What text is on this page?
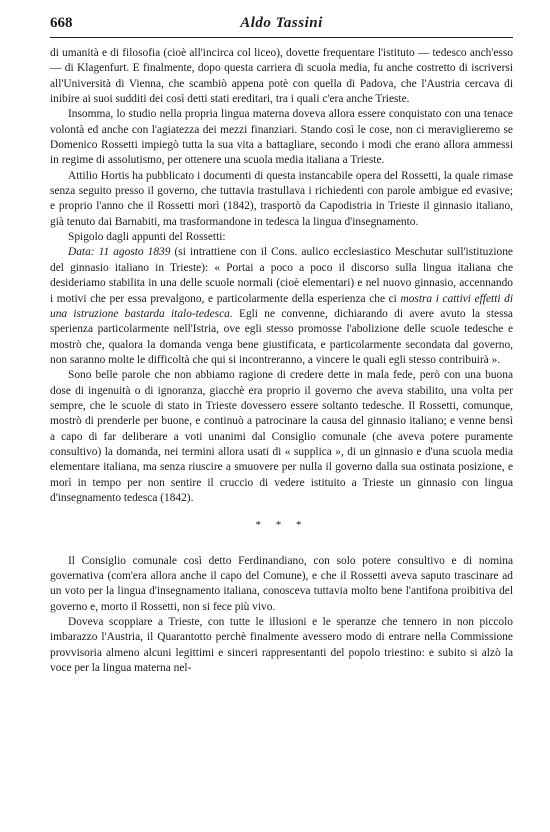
668	Aldo Tassini

di umanità e di filosofia (cioè all'incirca col liceo), dovette frequentare l'istituto — tedesco anch'esso — di Klagenfurt. E finalmente, dopo questa carriera di scuola media, fu anche costretto di iscriversi all'Università di Vienna, che scambiò appena potè con quella di Padova, che l'Austria cercava di inibire ai suoi sudditi dei così detti stati ereditari, tra i quali c'era anche Trieste.

Insomma, lo studio nella propria lingua materna doveva allora essere conquistato con una tenace volontà ed anche con l'agiatezza dei mezzi finanziari. Stando così le cose, non ci meraviglieremo se Domenico Rossetti impiegò tutta la sua vita a battagliare, secondo i modi che erano allora ammessi in regime di assolutismo, per ottenere una scuola media italiana a Trieste.

Attilio Hortis ha pubblicato i documenti di questa instancabile opera del Rossetti, la quale rimase senza seguito presso il governo, che tuttavia trastullava i richiedenti con parole ambigue ed evasive; e proprio l'anno che il Rossetti morì (1842), trasportò da Capodistria in Trieste il ginnasio italiano, già tenuto dai Barnabiti, ma trasformandone in tedesca la lingua d'insegnamento.

Spigolo dagli appunti del Rossetti:

Data: 11 agosto 1839 (si intrattiene con il Cons. aulico ecclesiastico Meschutar sull'istituzione del ginnasio italiano in Trieste): « Portai a poco a poco il discorso sulla lingua italiana che desideriamo stabilita in una delle scuole normali (cioè elementari) e nel nuovo ginnasio, accennando i motivi che per essa prevalgono, e particolarmente della esperienza che ci mostra i cattivi effetti di una istruzione bastarda italo-tedesca. Egli ne convenne, dichiarando di avere avuto la stessa sperienza particolarmente nell'Istria, ove egli stesso promosse l'abolizione delle scuole tedesche e mostrò che, qualora la domanda venga bene giustificata, e particolarmente secondata dal governo, non saranno molte le difficoltà che qui si incontreranno, a vincere le quali egli stesso contribuirà ».

Sono belle parole che non abbiamo ragione di credere dette in mala fede, però con una buona dose di ingenuità o di ignoranza, giacchè era proprio il governo che aveva stabilito, una volta per sempre, che le scuole di stato in Trieste dovessero essere soltanto tedesche. Il Rossetti, comunque, mostrò di prenderle per buone, e continuò a patrocinare la causa del ginnasio italiano; e venne bensì a capo di far deliberare a voti unanimi dal Consiglio comunale (che aveva potere puramente consultivo) la domanda, nei termini allora usati di « supplica », di un ginnasio e d'una scuola media elementare italiana, ma senza riuscire a smuovere per nulla il governo dalla sua ostinata posizione, e morì in tempo per non sentire il cruccio di vedere istituito a Trieste un ginnasio con lingua d'insegnamento tedesca (1842).

* * *

Il Consiglio comunale così detto Ferdinandiano, con solo potere consultivo e di nomina governativa (com'era allora anche il capo del Comune), e che il Rossetti aveva saputo trascinare ad un voto per la lingua d'insegnamento italiana, conosceva tuttavia molto bene l'antifona proibitiva del governo e, morto il Rossetti, non si fece più vivo.

Doveva scoppiare a Trieste, con tutte le illusioni e le speranze che tennero in non piccolo imbarazzo l'Austria, il Quarantotto perchè finalmente avessero modo di entrare nella Commissione provvisoria almeno alcuni legittimi e sinceri rappresentanti del popolo triestino: e subito si alzò la voce per la lingua materna nel-
